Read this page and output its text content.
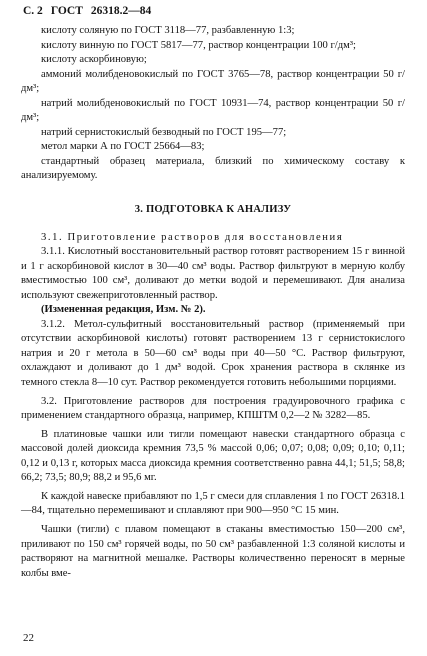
С. 2 ГОСТ 26318.2—84

кислоту соляную по ГОСТ 3118—77, разбавленную 1:3;

кислоту винную по ГОСТ 5817—77, раствор концентрации 100 г/дм³;

кислоту аскорбиновую;

аммоний молибденовокислый по ГОСТ 3765—78, раствор концентрации 50 г/дм³;

натрий молибденовокислый по ГОСТ 10931—74, раствор концентрации 50 г/дм³;

натрий сернистокислый безводный по ГОСТ 195—77;

метол марки А по ГОСТ 25664—83;

стандартный образец материала, близкий по химическому составу к анализируемому.

3. ПОДГОТОВКА К АНАЛИЗУ

3.1. Приготовление растворов для восстановления

3.1.1. Кислотный восстановительный раствор готовят растворением 15 г винной и 1 г аскорбиновой кислот в 30—40 см³ воды. Раствор фильтруют в мерную колбу вместимостью 100 см³, доливают до метки водой и перемешивают. Для анализа используют свежеприготовленный раствор.

(Измененная редакция, Изм. № 2).

3.1.2. Метол-сульфитный восстановительный раствор (применяемый при отсутствии аскорбиновой кислоты) готовят растворением 13 г сернистокислого натрия и 20 г метола в 50—60 см³ воды при 40—50 °С. Раствор фильтруют, охлаждают и доливают до 1 дм³ водой. Срок хранения раствора в склянке из темного стекла 8—10 сут. Раствор рекомендуется готовить небольшими порциями.

3.2. Приготовление растворов для построения градуировочного графика с применением стандартного образца, например, КПШТМ 0,2—2 № 3282—85.

В платиновые чашки или тигли помещают навески стандартного образца с массовой долей диоксида кремния 73,5 % массой 0,06; 0,07; 0,08; 0,09; 0,10; 0,11; 0,12 и 0,13 г, которых масса диоксида кремния соответственно равна 44,1; 51,5; 58,8; 66,2; 73,5; 80,9; 88,2 и 95,6 мг.

К каждой навеске прибавляют по 1,5 г смеси для сплавления 1 по ГОСТ 26318.1—84, тщательно перемешивают и сплавляют при 900—950 °С 15 мин.

Чашки (тигли) с плавом помещают в стаканы вместимостью 150—200 см³, приливают по 150 см³ горячей воды, по 50 см³ разбавленной 1:3 соляной кислоты и растворяют на магнитной мешалке. Растворы количественно переносят в мерные колбы вме-

22
